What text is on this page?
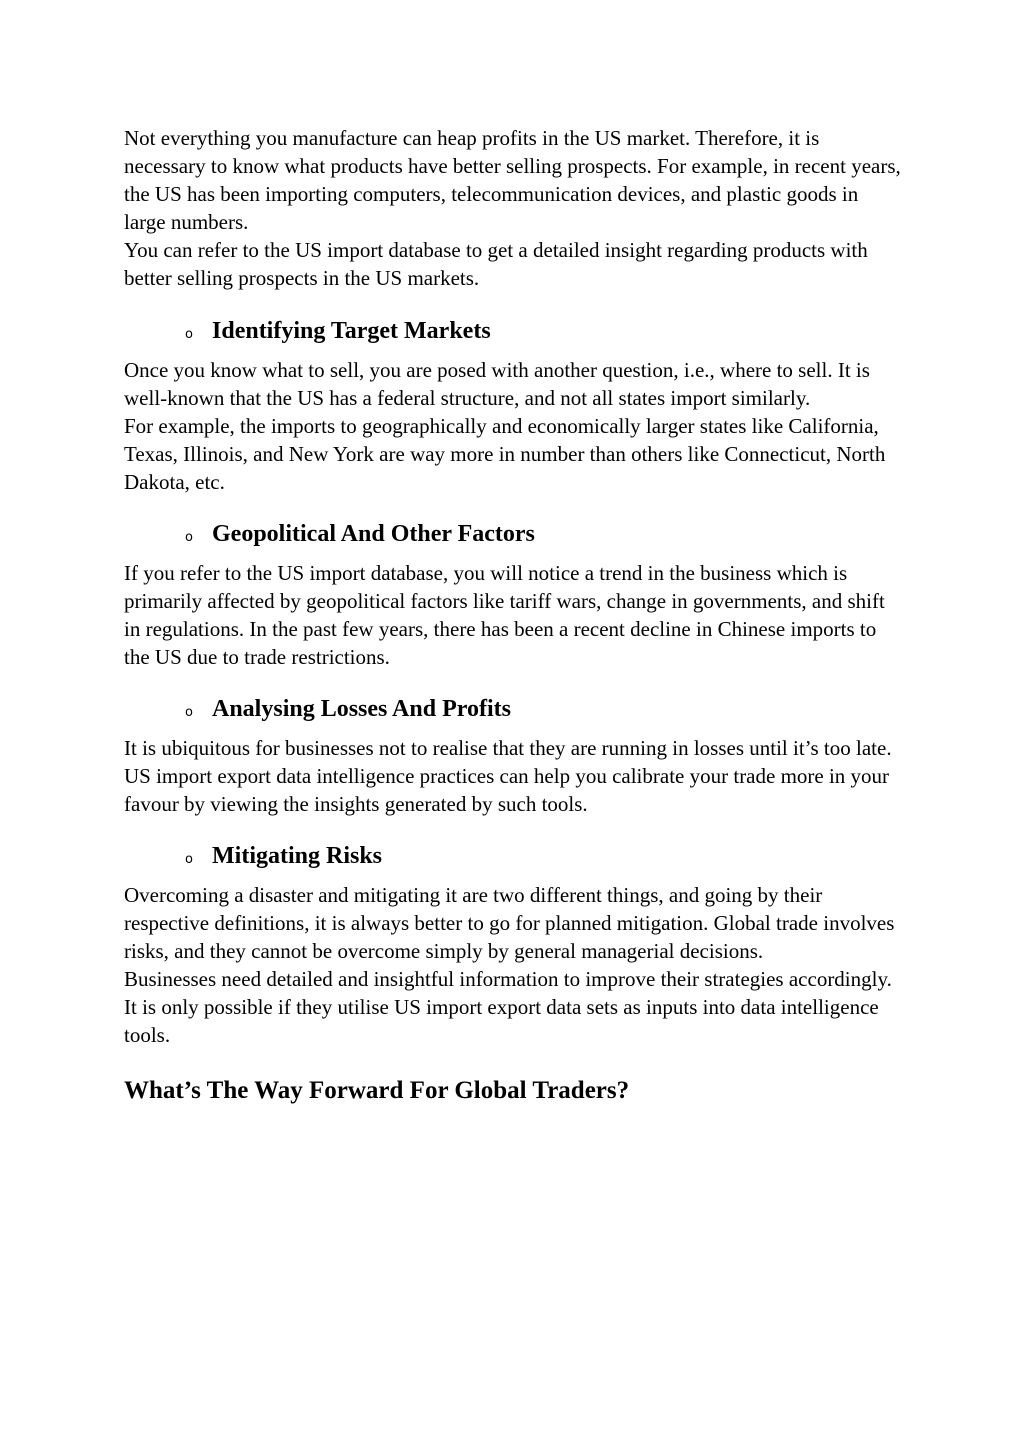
Not everything you manufacture can heap profits in the US market. Therefore, it is necessary to know what products have better selling prospects. For example, in recent years, the US has been importing computers, telecommunication devices, and plastic goods in large numbers.

You can refer to the US import database to get a detailed insight regarding products with better selling prospects in the US markets.

o Identifying Target Markets

Once you know what to sell, you are posed with another question, i.e., where to sell. It is well-known that the US has a federal structure, and not all states import similarly.

For example, the imports to geographically and economically larger states like California, Texas, Illinois, and New York are way more in number than others like Connecticut, North Dakota, etc.

o Geopolitical And Other Factors

If you refer to the US import database, you will notice a trend in the business which is primarily affected by geopolitical factors like tariff wars, change in governments, and shift in regulations. In the past few years, there has been a recent decline in Chinese imports to the US due to trade restrictions.

o Analysing Losses And Profits

It is ubiquitous for businesses not to realise that they are running in losses until it’s too late. US import export data intelligence practices can help you calibrate your trade more in your favour by viewing the insights generated by such tools.

o Mitigating Risks

Overcoming a disaster and mitigating it are two different things, and going by their respective definitions, it is always better to go for planned mitigation. Global trade involves risks, and they cannot be overcome simply by general managerial decisions.

Businesses need detailed and insightful information to improve their strategies accordingly. It is only possible if they utilise US import export data sets as inputs into data intelligence tools.

What’s The Way Forward For Global Traders?
